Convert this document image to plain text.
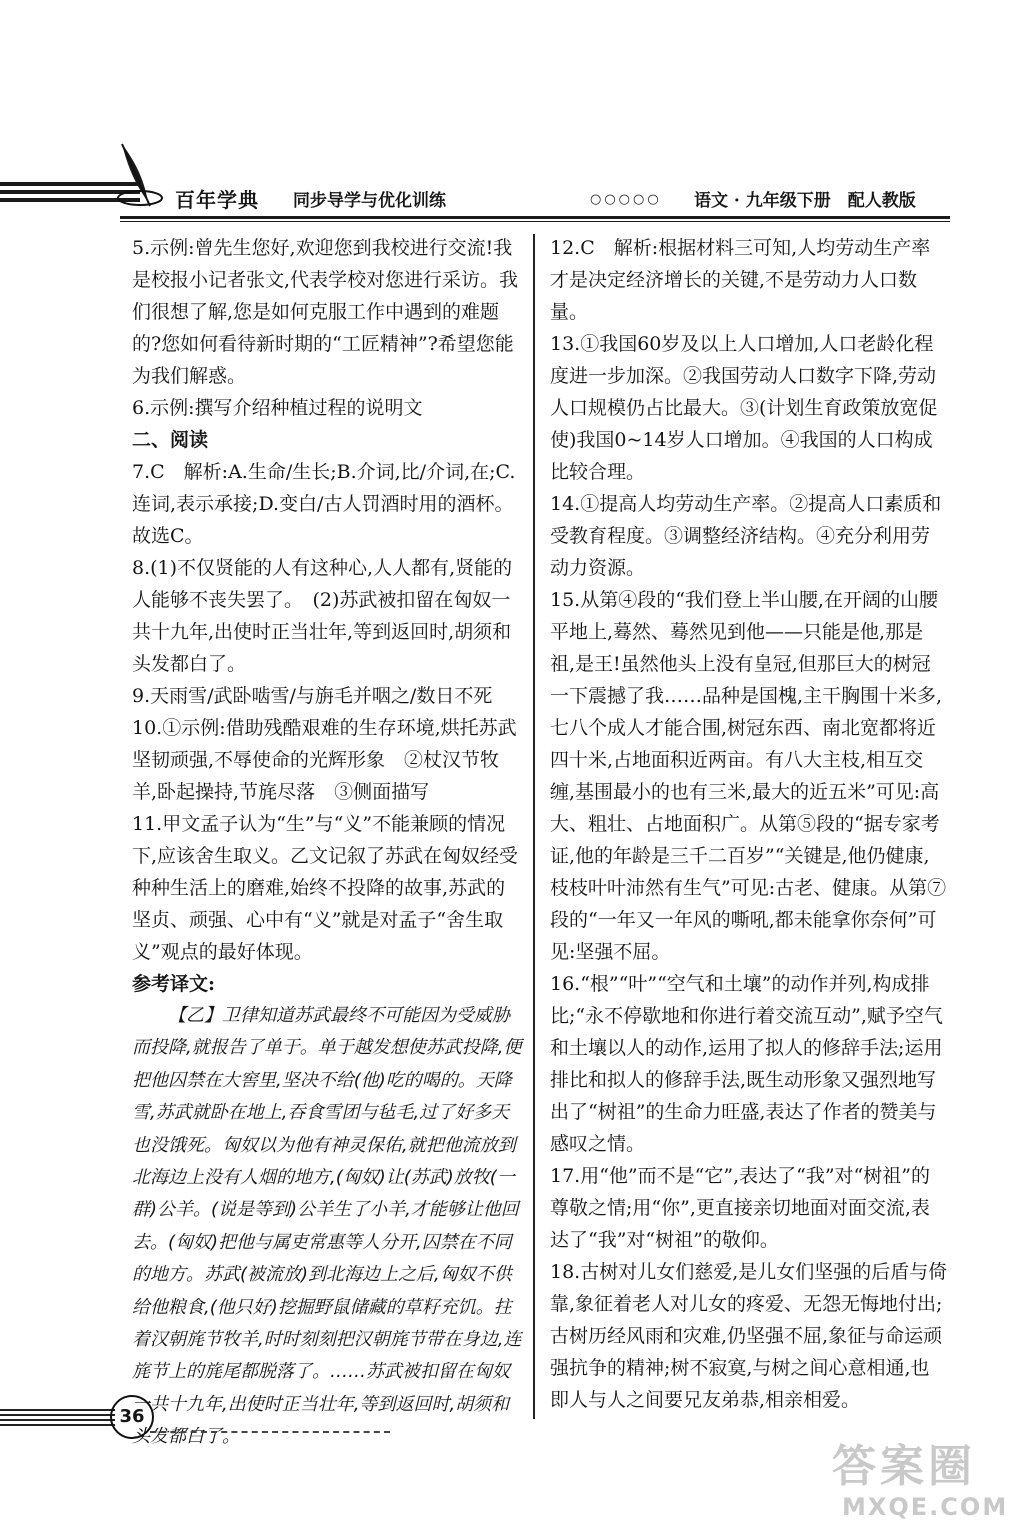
百年学典 同步导学与优化训练	○○○○○ 语文 · 九年级下册　配人教版
5.示例:曾先生您好,欢迎您到我校进行交流!我是校报小记者张文,代表学校对您进行采访。我们很想了解,您是如何克服工作中遇到的难题的?您如何看待新时期的“工匠精神”?希望您能为我们解惑。
6.示例:撰写介绍种植过程的说明文
二、阅读
7.C　解析:A.生命/生长;B.介词,比/介词,在;C.连词,表示承接;D.变白/古人罚酒时用的酒杯。故选C。
8.(1)不仅贤能的人有这种心,人人都有,贤能的人能够不丧失罢了。　(2)苏武被扣留在匈奴一共十九年,出使时正当壮年,等到返回时,胡须和头发都白了。
9.天雨雪/武卧啮雪/与旃毛并咽之/数日不死
10.①示例:借助残酷艰难的生存环境,烘托苏武坚韧顽强,不辱使命的光辉形象　②杖汉节牧羊,卧起操持,节旄尽落　③侧面描写
11.甲文孟子认为“生”与“义”不能兼顾的情况下,应该舍生取义。乙文记叙了苏武在匈奴经受种种生活上的磨难,始终不投降的故事,苏武的坚贞、顽强、心中有“义”就是对孟子“舍生取义”观点的最好体现。
参考译文:
【乙】卫律知道苏武最终不可能因为受威胁而投降,就报告了单于。单于越发想使苏武投降,便把他囚禁在大窖里,坚决不给(他)吃的喝的。天降雪,苏武就卧在地上,吞食雪团与毡毛,过了好多天也没饿死。匈奴以为他有神灵保佑,就把他流放到北海边上没有人烟的地方,(匈奴)让(苏武)放牧(一群)公羊。(说是等到)公羊生了小羊,才能够让他回去。(匈奴)把他与属吏常惠等人分开,囚禁在不同的地方。苏武(被流放)到北海边上之后,匈奴不供给他粮食,(他只好)挖掘野鼠储藏的草籽充饥。拄着汉朝旄节牧羊,时时刻刻把汉朝旄节带在身边,连旄节上的旄尾都脱落了。……苏武被扣留在匈奴一共十九年,出使时正当壮年,等到返回时,胡须和头发都白了。
12.C　解析:根据材料三可知,人均劳动生产率才是决定经济增长的关键,不是劳动力人口数量。
13.①我国60岁及以上人口增加,人口老龄化程度进一步加深。②我国劳动人口数字下降,劳动人口规模仍占比最大。③(计划生育政策放宽促使)我国0~14岁人口增加。④我国的人口构成比较合理。
14.①提高人均劳动生产率。②提高人口素质和受教育程度。③调整经济结构。④充分利用劳动力资源。
15.从第④段的“我们登上半山腰,在开阔的山腰平地上,蓦然、蓦然见到他——只能是他,那是祖,是王!虽然他头上没有皇冠,但那巨大的树冠一下震撼了我……品种是国槐,主干胸围十米多,七八个成人才能合围,树冠东西、南北宽都将近四十米,占地面积近两亩。有八大主枝,相互交缠,基围最小的也有三米,最大的近五米”可见:高大、粗壮、占地面积广。从第⑤段的“据专家考证,他的年龄是三千二百岁”“关键是,他仍健康,枝枝叶叶沛然有生气”可见:古老、健康。从第⑦段的“一年又一年风的嘶吼,都未能拿你奈何”可见:坚强不屈。
16.“根”“叶”“空气和土壤”的动作并列,构成排比;“永不停歇地和你进行着交流互动”,赋予空气和土壤以人的动作,运用了拟人的修辞手法;运用排比和拟人的修辞手法,既生动形象又强烈地写出了“树祖”的生命力旺盛,表达了作者的赞美与感叹之情。
17.用“他”而不是“它”,表达了“我”对“树祖”的尊敬之情;用“你”,更直接亲切地面对面交流,表达了“我”对“树祖”的敬仰。
18.古树对儿女们慈爱,是儿女们坚强的后盾与倚靠,象征着老人对儿女的疼爱、无怨无悔地付出;古树历经风雨和灾难,仍坚强不屈,象征与命运顽强抗争的精神;树不寂寞,与树之间心意相通,也即人与人之间要兄友弟恭,相亲相爱。
36
答案圈
MXQE.COM
